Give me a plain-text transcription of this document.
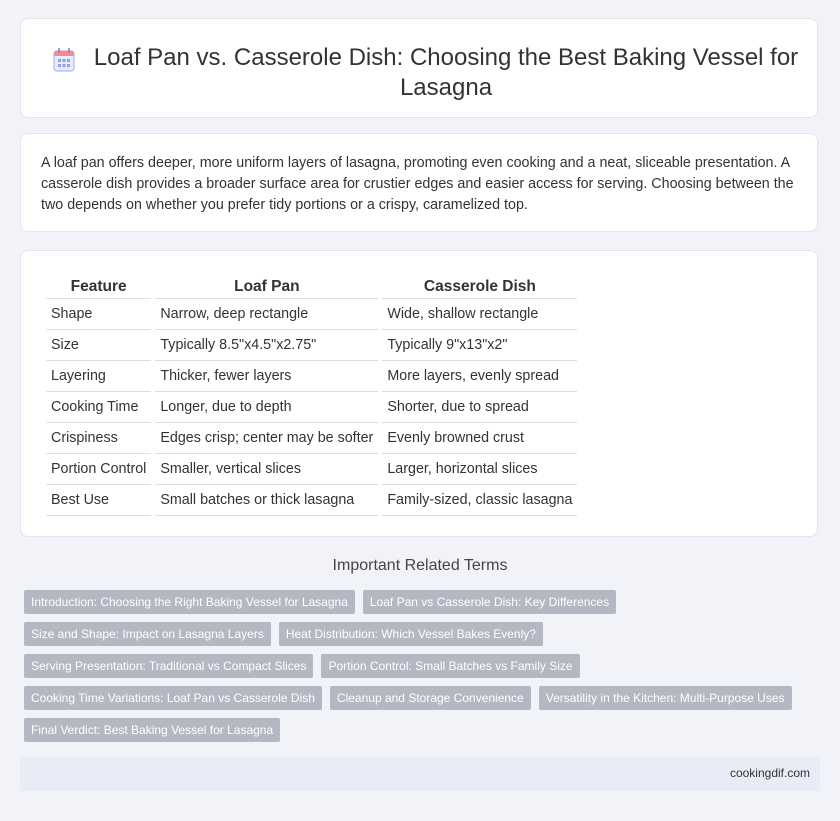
Loaf Pan vs. Casserole Dish: Choosing the Best Baking Vessel for Lasagna

A loaf pan offers deeper, more uniform layers of lasagna, promoting even cooking and a neat, sliceable presentation. A casserole dish provides a broader surface area for crustier edges and easier access for serving. Choosing between the two depends on whether you prefer tidy portions or a crispy, caramelized top.

Feature	Loaf Pan	Casserole Dish
Shape	Narrow, deep rectangle	Wide, shallow rectangle
Size	Typically 8.5"x4.5"x2.75"	Typically 9"x13"x2"
Layering	Thicker, fewer layers	More layers, evenly spread
Cooking Time	Longer, due to depth	Shorter, due to spread
Crispiness	Edges crisp; center may be softer	Evenly browned crust
Portion Control	Smaller, vertical slices	Larger, horizontal slices
Best Use	Small batches or thick lasagna	Family-sized, classic lasagna
Important Related Terms
Introduction: Choosing the Right Baking Vessel for Lasagna	Loaf Pan vs Casserole Dish: Key Differences
Size and Shape: Impact on Lasagna Layers	Heat Distribution: Which Vessel Bakes Evenly?
Serving Presentation: Traditional vs Compact Slices	Portion Control: Small Batches vs Family Size
Cooking Time Variations: Loaf Pan vs Casserole Dish	Cleanup and Storage Convenience	Versatility in the Kitchen: Multi-Purpose Uses
Final Verdict: Best Baking Vessel for Lasagna
cookingdif.com
